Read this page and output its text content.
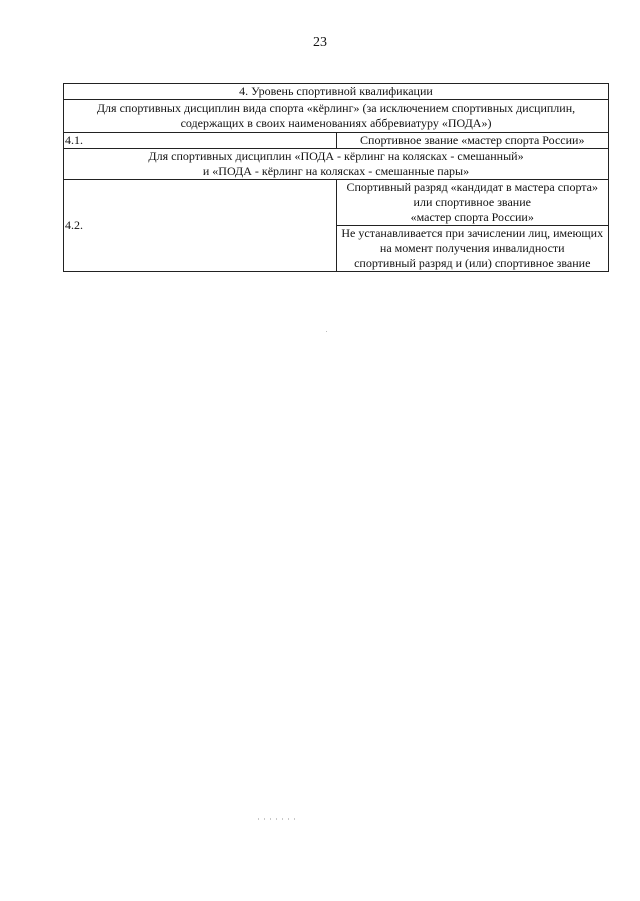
23
4. Уровень спортивной квалификации	

Для спортивных дисциплин вида спорта «кёрлинг» (за исключением спортивных дисциплин,
содержащих в своих наименованиях аббревиатуру «ПОДА»)	

4.1.	Спортивное звание «мастер спорта России»

Для спортивных дисциплин «ПОДА - кёрлинг на колясках - смешанный»
и «ПОДА - кёрлинг на колясках - смешанные пары»	

4.2.	Спортивный разряд «кандидат в мастера спорта» или спортивное звание
«мастер спорта России»

	Не устанавливается при зачислении лиц, имеющих на момент получения инвалидности
спортивный разряд и (или) спортивное звание
